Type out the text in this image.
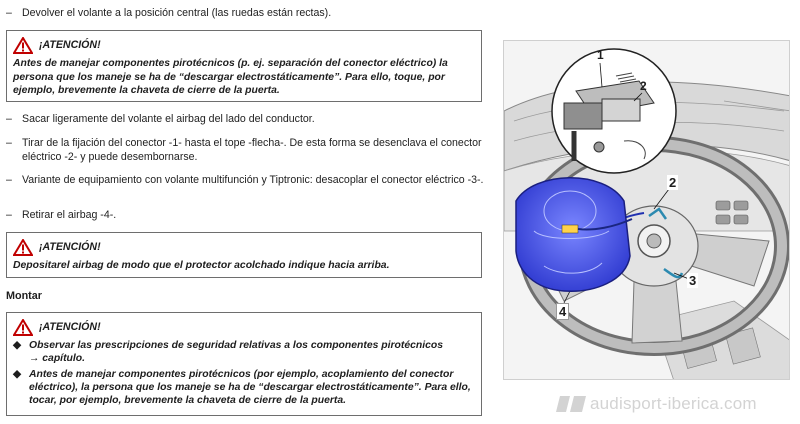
– Devolver el volante a la posición central (las ruedas están rectas).
¡ATENCIÓN!
Antes de manejar componentes pirotécnicos (p. ej. separación del conector eléctrico) la persona que los maneje se ha de “descargar electrostáticamente”. Para ello, toque, por ejemplo, brevemente la chaveta de cierre de la puerta.
– Sacar ligeramente del volante el airbag del lado del conductor.
– Tirar de la fijación del conector -1- hasta el tope -flecha-. De esta forma se desenclava el conector eléctrico -2- y puede desembornarse.
– Variante de equipamiento con volante multifunción y Tiptronic: desacoplar el conector eléctrico -3-.
– Retirar el airbag -4-.
¡ATENCIÓN!
Depositarel airbag de modo que el protector acolchado indique hacia arriba.
Montar
¡ATENCIÓN!
◆ Observar las prescripciones de seguridad relativas a los componentes pirotécnicos
→ capítulo.
◆ Antes de manejar componentes pirotécnicos (por ejemplo, acoplamiento del conector eléctrico), la persona que los maneje se ha de “descargar electrostáticamente”. Para ello, tocar, por ejemplo, brevemente la chaveta de cierre de la puerta.
1
2
2
3
4
audisport-iberica.com
